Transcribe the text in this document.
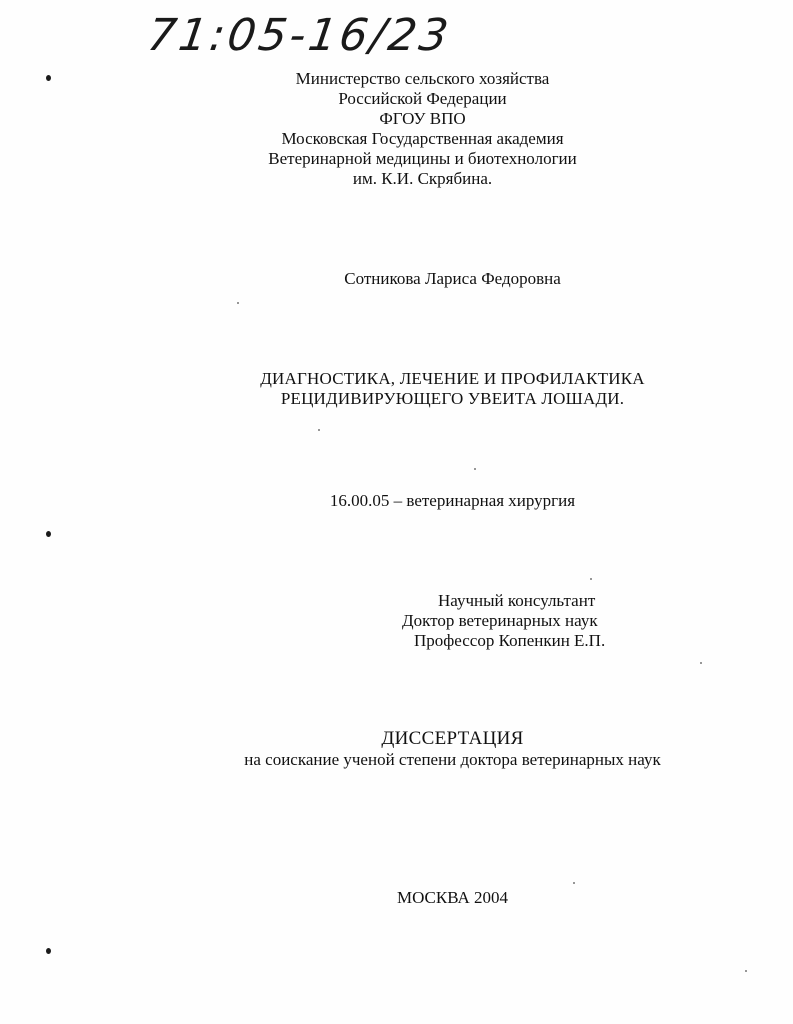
71:05-16/23
Министерство сельского хозяйства
Российской Федерации
ФГОУ ВПО
Московская Государственная академия
Ветеринарной медицины и биотехнологии
им. К.И. Скрябина.
Сотникова Лариса Федоровна
ДИАГНОСТИКА, ЛЕЧЕНИЕ И ПРОФИЛАКТИКА
РЕЦИДИВИРУЮЩЕГО УВЕИТА ЛОШАДИ.
16.00.05 – ветеринарная хирургия
Научный консультант
Доктор ветеринарных наук
Профессор Копенкин Е.П.
ДИССЕРТАЦИЯ
на соискание ученой степени доктора ветеринарных наук
МОСКВА 2004
